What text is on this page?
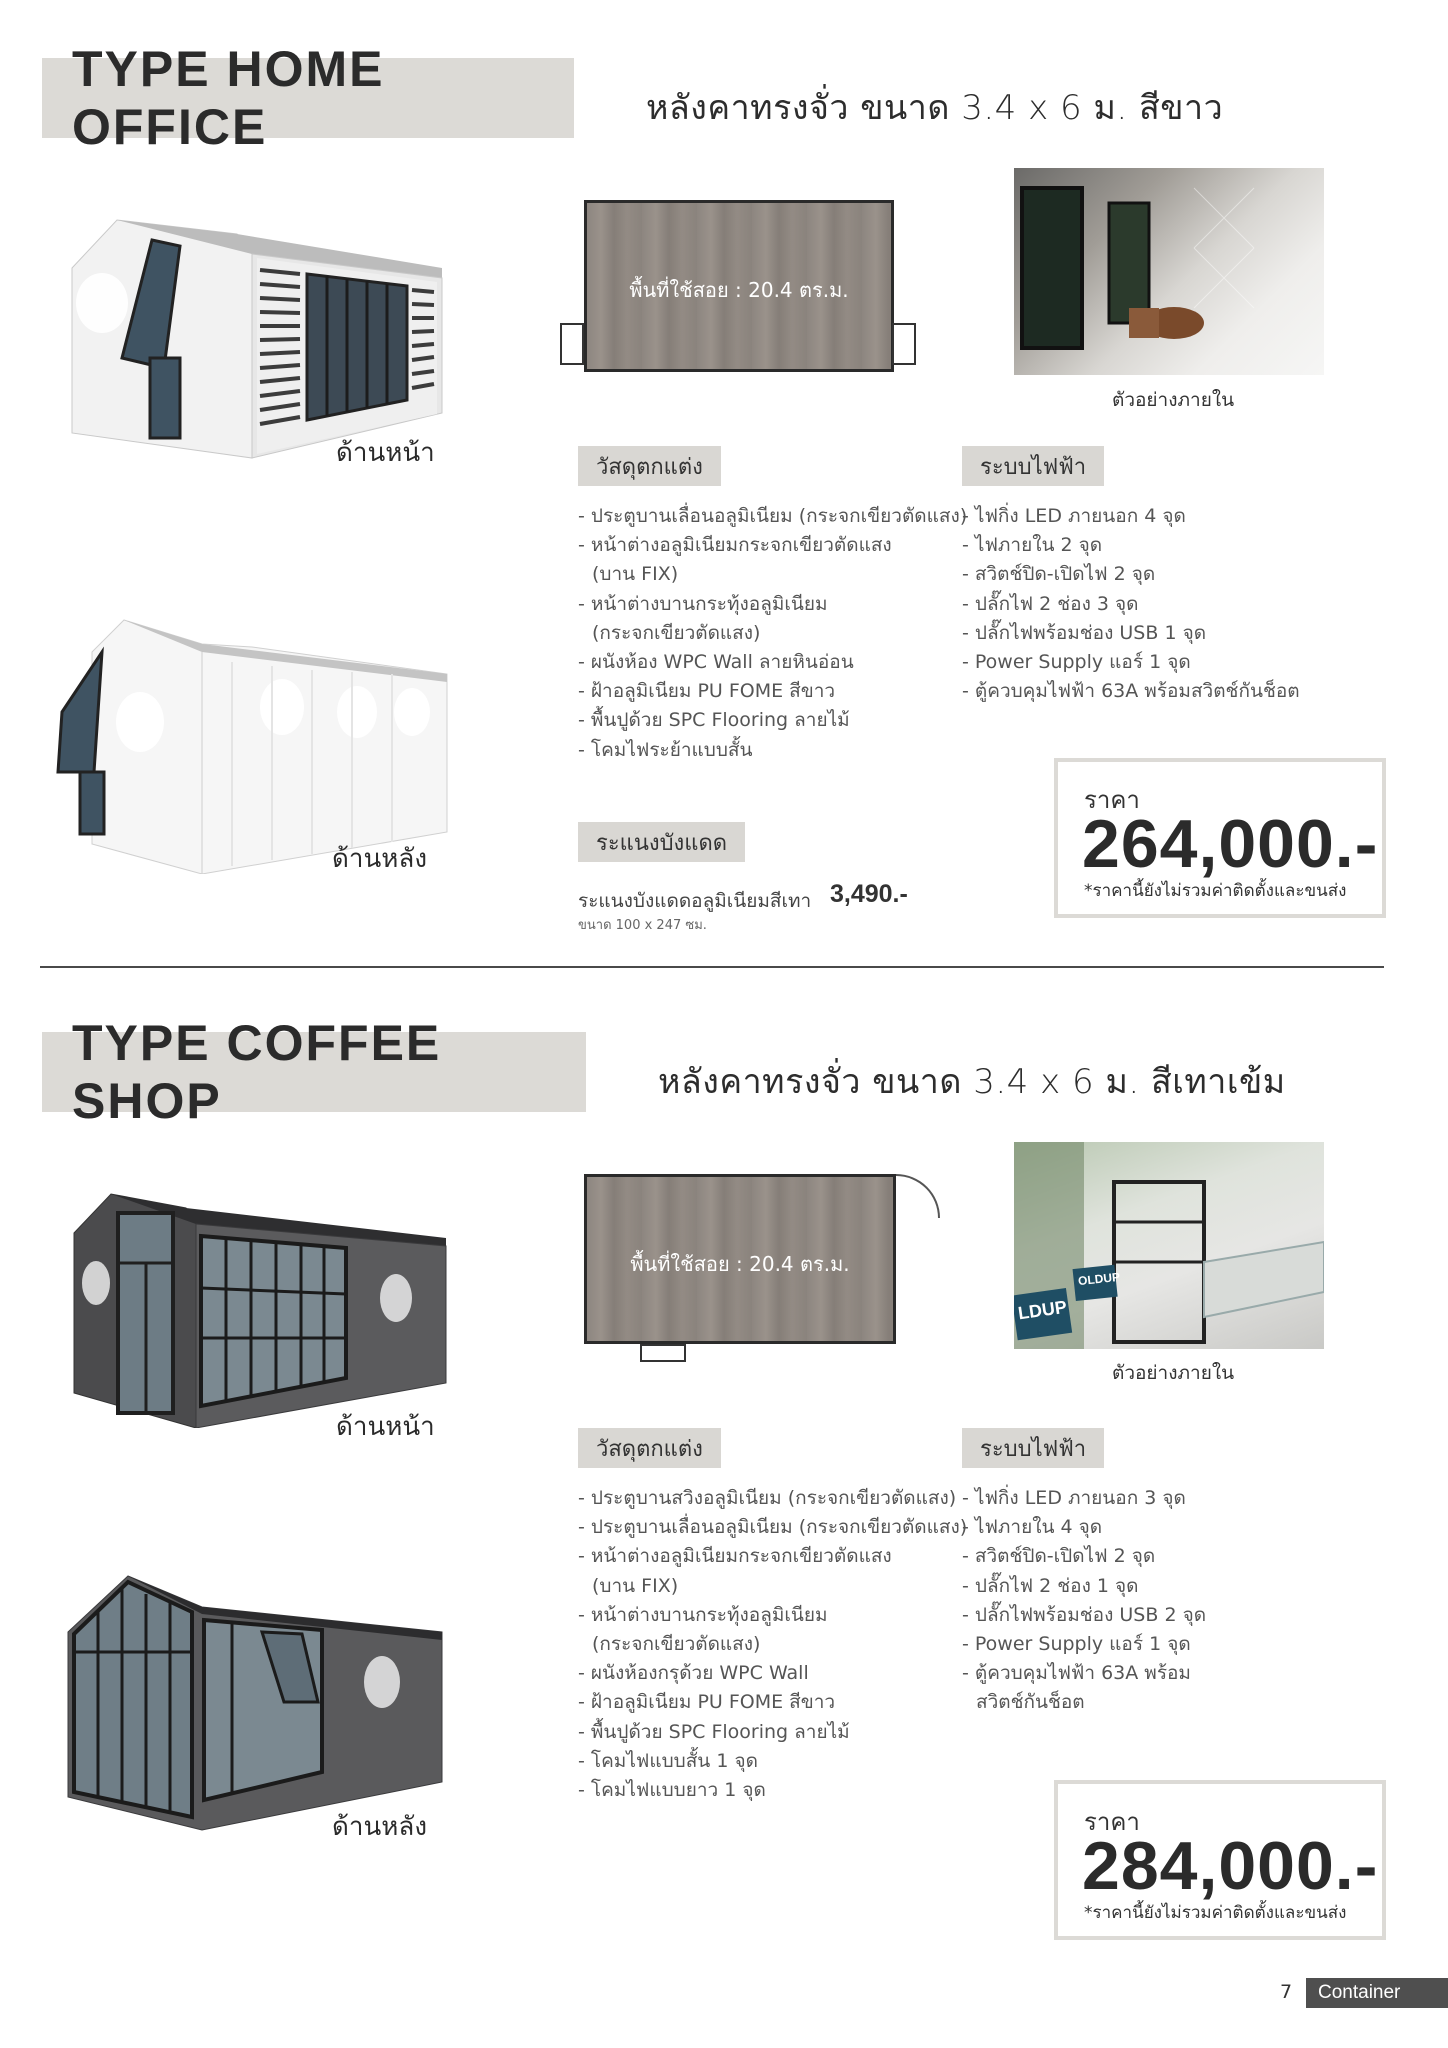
TYPE HOME OFFICE	หลังคาทรงจั่ว ขนาด 3.4 x 6 ม. สีขาว
ด้านหน้า
ด้านหลัง
พื้นที่ใช้สอย : 20.4 ตร.ม.
ตัวอย่างภายใน
วัสดุตกแต่ง
- ประตูบานเลื่อนอลูมิเนียม (กระจกเขียวตัดแสง)
- หน้าต่างอลูมิเนียมกระจกเขียวตัดแสง
(บาน FIX)
- หน้าต่างบานกระทุ้งอลูมิเนียม
(กระจกเขียวตัดแสง)
- ผนังห้อง WPC Wall ลายหินอ่อน
- ฝ้าอลูมิเนียม PU FOME สีขาว
- พื้นปูด้วย SPC Flooring ลายไม้
- โคมไฟระย้าแบบสั้น
ระบบไฟฟ้า
- ไฟกิ่ง LED ภายนอก 4 จุด
- ไฟภายใน 2 จุด
- สวิตช์ปิด-เปิดไฟ 2 จุด
- ปลั๊กไฟ 2 ช่อง 3 จุด
- ปลั๊กไฟพร้อมช่อง USB 1 จุด
- Power Supply แอร์ 1 จุด
- ตู้ควบคุมไฟฟ้า 63A พร้อมสวิตช์กันช็อต
ระแนงบังแดด
ระแนงบังแดดอลูมิเนียมสีเทา
ขนาด 100 x 247 ซม.
3,490.-
ราคา
264,000.-
*ราคานี้ยังไม่รวมค่าติดตั้งและขนส่ง
TYPE COFFEE SHOP	หลังคาทรงจั่ว ขนาด 3.4 x 6 ม. สีเทาเข้ม
ด้านหน้า
ด้านหลัง
พื้นที่ใช้สอย : 20.4 ตร.ม.
LDUP
OLDUP
ตัวอย่างภายใน
วัสดุตกแต่ง
- ประตูบานสวิงอลูมิเนียม (กระจกเขียวตัดแสง)
- ประตูบานเลื่อนอลูมิเนียม (กระจกเขียวตัดแสง)
- หน้าต่างอลูมิเนียมกระจกเขียวตัดแสง
(บาน FIX)
- หน้าต่างบานกระทุ้งอลูมิเนียม
(กระจกเขียวตัดแสง)
- ผนังห้องกรุด้วย WPC Wall
- ฝ้าอลูมิเนียม PU FOME สีขาว
- พื้นปูด้วย SPC Flooring ลายไม้
- โคมไฟแบบสั้น 1 จุด
- โคมไฟแบบยาว 1 จุด
ระบบไฟฟ้า
- ไฟกิ่ง LED ภายนอก 3 จุด
- ไฟภายใน 4 จุด
- สวิตช์ปิด-เปิดไฟ 2 จุด
- ปลั๊กไฟ 2 ช่อง 1 จุด
- ปลั๊กไฟพร้อมช่อง USB 2 จุด
- Power Supply แอร์ 1 จุด
- ตู้ควบคุมไฟฟ้า 63A พร้อม
สวิตช์กันช็อต
ราคา
284,000.-
*ราคานี้ยังไม่รวมค่าติดตั้งและขนส่ง
7	Container
